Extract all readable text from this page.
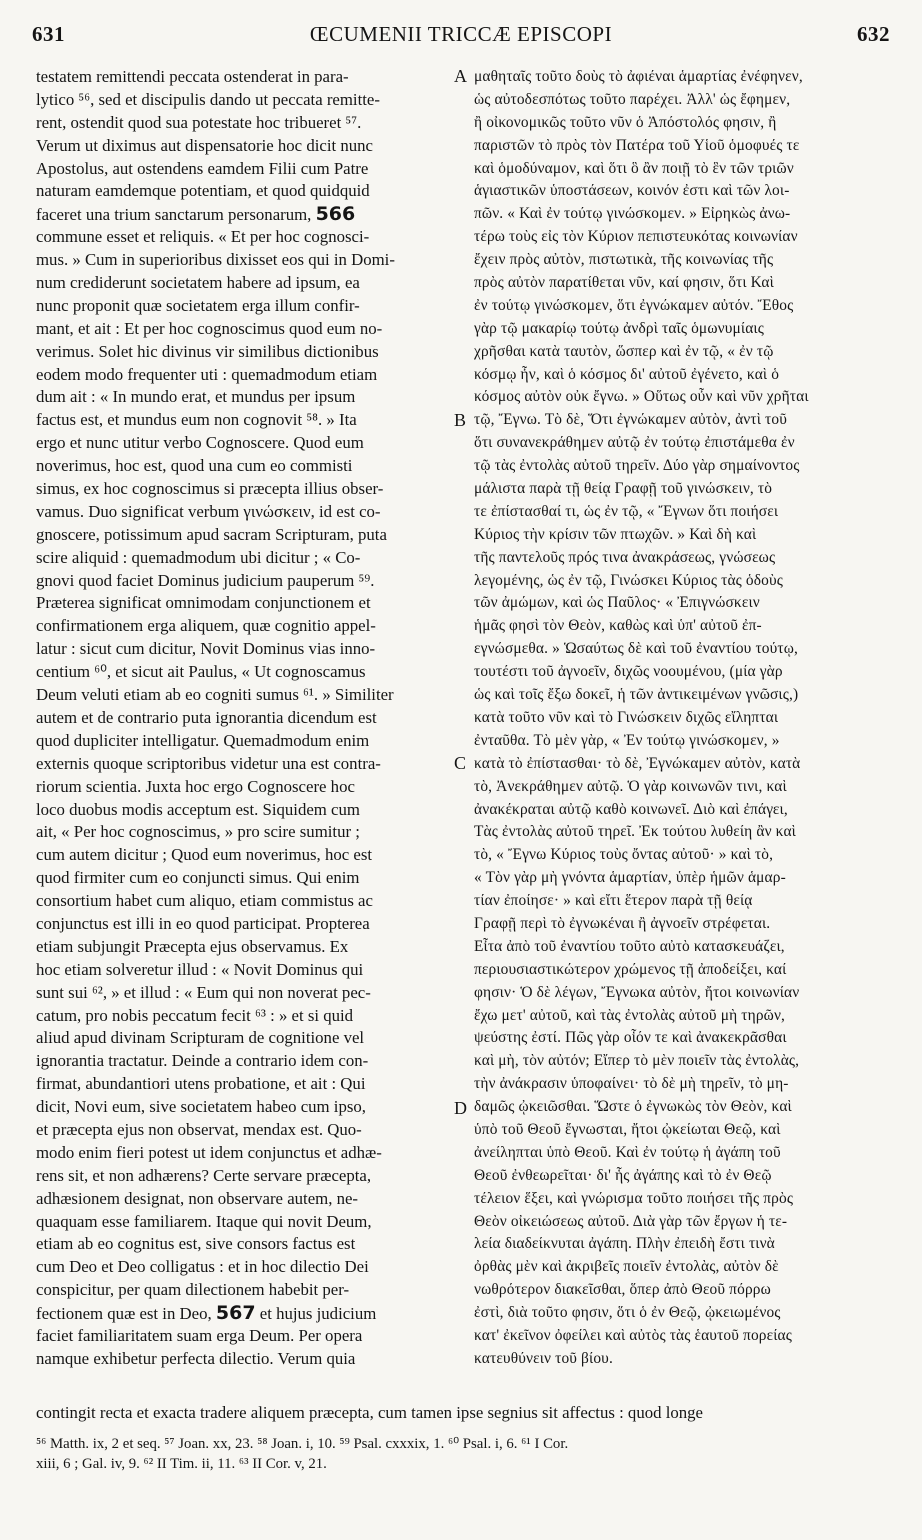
631	ŒCUMENII TRICCÆ EPISCOPI	632
testatem remittendi peccata ostenderat in para-
lytico ⁵⁶, sed et discipulis dando ut peccata remitte-
rent, ostendit quod sua potestate hoc tribueret ⁵⁷.
Verum ut diximus aut dispensatorie hoc dicit nunc
Apostolus, aut ostendens eamdem Filii cum Patre
naturam eamdemque potentiam, et quod quidquid
faceret una trium sanctarum personarum, 566
commune esset et reliquis. « Et per hoc cognosci-
mus. » Cum in superioribus dixisset eos qui in Domi-
num crediderunt societatem habere ad ipsum, ea
nunc proponit quæ societatem erga illum confir-
mant, et ait : Et per hoc cognoscimus quod eum no-
verimus. Solet hic divinus vir similibus dictionibus
eodem modo frequenter uti : quemadmodum etiam
dum ait : « In mundo erat, et mundus per ipsum
factus est, et mundus eum non cognovit ⁵⁸. » Ita
ergo et nunc utitur verbo Cognoscere. Quod eum
noverimus, hoc est, quod una cum eo commisti
simus, ex hoc cognoscimus si præcepta illius obser-
vamus. Duo significat verbum γινώσκειν, id est co-
gnoscere, potissimum apud sacram Scripturam, puta
scire aliquid : quemadmodum ubi dicitur ; « Co-
gnovi quod faciet Dominus judicium pauperum ⁵⁹.
Præterea significat omnimodam conjunctionem et
confirmationem erga aliquem, quæ cognitio appel-
latur : sicut cum dicitur, Novit Dominus vias inno-
centium ⁶⁰, et sicut ait Paulus, « Ut cognoscamus
Deum veluti etiam ab eo cogniti sumus ⁶¹. » Similiter
autem et de contrario puta ignorantia dicendum est
quod dupliciter intelligatur. Quemadmodum enim
externis quoque scriptoribus videtur una est contra-
riorum scientia. Juxta hoc ergo Cognoscere hoc
loco duobus modis acceptum est. Siquidem cum
ait, « Per hoc cognoscimus, » pro scire sumitur ;
cum autem dicitur ; Quod eum noverimus, hoc est
quod firmiter cum eo conjuncti simus. Qui enim
consortium habet cum aliquo, etiam commistus ac
conjunctus est illi in eo quod participat. Propterea
etiam subjungit Præcepta ejus observamus. Ex
hoc etiam solveretur illud : « Novit Dominus qui
sunt sui ⁶², » et illud : « Eum qui non noverat pec-
catum, pro nobis peccatum fecit ⁶³ : » et si quid
aliud apud divinam Scripturam de cognitione vel
ignorantia tractatur. Deinde a contrario idem con-
firmat, abundantiori utens probatione, et ait : Qui
dicit, Novi eum, sive societatem habeo cum ipso,
et præcepta ejus non observat, mendax est. Quo-
modo enim fieri potest ut idem conjunctus et adhæ-
rens sit, et non adhærens? Certe servare præcepta,
adhæsionem designat, non observare autem, ne-
quaquam esse familiarem. Itaque qui novit Deum,
etiam ab eo cognitus est, sive consors factus est
cum Deo et Deo colligatus : et in hoc dilectio Dei
conspicitur, per quam dilectionem habebit per-
fectionem quæ est in Deo, 567 et hujus judicium
faciet familiaritatem suam erga Deum. Per opera
namque exhibetur perfecta dilectio. Verum quia
μαθηταῖς τοῦτο δοὺς τὸ ἀφιέναι ἁμαρτίας ἐνέφηνεν,
ὡς αὐτοδεσπότως τοῦτο παρέχει. Ἀλλ' ὡς ἔφημεν,
ἢ οἰκονομικῶς τοῦτο νῦν ὁ Ἀπόστολός φησιν, ἢ
παριστῶν τὸ πρὸς τὸν Πατέρα τοῦ Υἱοῦ ὁμοφυές τε
καὶ ὁμοδύναμον, καὶ ὅτι ὃ ἂν ποιῇ τὸ ἓν τῶν τριῶν
ἁγιαστικῶν ὑποστάσεων, κοινόν ἐστι καὶ τῶν λοι-
πῶν. « Καὶ ἐν τούτῳ γινώσκομεν. » Εἰρηκὼς ἀνω-
τέρω τοὺς εἰς τὸν Κύριον πεπιστευκότας κοινωνίαν
ἔχειν πρὸς αὐτὸν, πιστωτικὰ, τῆς κοινωνίας τῆς
πρὸς αὐτὸν παρατίθεται νῦν, καί φησιν, ὅτι Καὶ
ἐν τούτῳ γινώσκομεν, ὅτι ἐγνώκαμεν αὐτόν. Ἔθος
γὰρ τῷ μακαρίῳ τούτῳ ἀνδρὶ ταῖς ὁμωνυμίαις
χρῆσθαι κατὰ ταυτὸν, ὥσπερ καὶ ἐν τῷ, « ἐν τῷ
κόσμῳ ἦν, καὶ ὁ κόσμος δι' αὐτοῦ ἐγένετο, καὶ ὁ
κόσμος αὐτὸν οὐκ ἔγνω. » Οὕτως οὖν καὶ νῦν χρῆται
τῷ, Ἔγνω. Τὸ δὲ, Ὅτι ἐγνώκαμεν αὐτὸν, ἀντὶ τοῦ
ὅτι συνανεκράθημεν αὐτῷ ἐν τούτῳ ἐπιστάμεθα ἐν
τῷ τὰς ἐντολὰς αὐτοῦ τηρεῖν. Δύο γὰρ σημαίνοντος
μάλιστα παρὰ τῇ θείᾳ Γραφῇ τοῦ γινώσκειν, τὸ
τε ἐπίστασθαί τι, ὡς ἐν τῷ, « Ἔγνων ὅτι ποιήσει
Κύριος τὴν κρίσιν τῶν πτωχῶν. » Καὶ δὴ καὶ
τῆς παντελοῦς πρός τινα ἀνακράσεως, γνώσεως
λεγομένης, ὡς ἐν τῷ, Γινώσκει Κύριος τὰς ὁδοὺς
τῶν ἀμώμων, καὶ ὡς Παῦλος· « Ἐπιγνώσκειν
ἡμᾶς φησὶ τὸν Θεὸν, καθὼς καὶ ὑπ' αὐτοῦ ἐπ-
εγνώσμεθα. » Ὡσαύτως δὲ καὶ τοῦ ἐναντίου τούτῳ,
τουτέστι τοῦ ἀγνοεῖν, διχῶς νοουμένου, (μία γὰρ
ὡς καὶ τοῖς ἔξω δοκεῖ, ἡ τῶν ἀντικειμένων γνῶσις,)
κατὰ τοῦτο νῦν καὶ τὸ Γινώσκειν διχῶς εἴληπται
ἐνταῦθα. Τὸ μὲν γὰρ, « Ἐν τούτῳ γινώσκομεν, »
κατὰ τὸ ἐπίστασθαι· τὸ δὲ, Ἐγνώκαμεν αὐτὸν, κατὰ
τὸ, Ἀνεκράθημεν αὐτῷ. Ὁ γὰρ κοινωνῶν τινι, καὶ
ἀνακέκραται αὐτῷ καθὸ κοινωνεῖ. Διὸ καὶ ἐπάγει,
Τὰς ἐντολὰς αὐτοῦ τηρεῖ. Ἐκ τούτου λυθείη ἂν καὶ
τὸ, « Ἔγνω Κύριος τοὺς ὄντας αὐτοῦ· » καὶ τὸ,
« Τὸν γὰρ μὴ γνόντα ἁμαρτίαν, ὑπὲρ ἡμῶν ἁμαρ-
τίαν ἐποίησε· » καὶ εἴτι ἕτερον παρὰ τῇ θείᾳ
Γραφῇ περὶ τὸ ἐγνωκέναι ἢ ἀγνοεῖν στρέφεται.
Εἶτα ἀπὸ τοῦ ἐναντίου τοῦτο αὐτὸ κατασκευάζει,
περιουσιαστικώτερον χρώμενος τῇ ἀποδείξει, καί
φησιν· Ὁ δὲ λέγων, Ἔγνωκα αὐτὸν, ἤτοι κοινωνίαν
ἔχω μετ' αὐτοῦ, καὶ τὰς ἐντολὰς αὐτοῦ μὴ τηρῶν,
ψεύστης ἐστί. Πῶς γὰρ οἷόν τε καὶ ἀνακεκρᾶσθαι
καὶ μὴ, τὸν αὐτόν; Εἴπερ τὸ μὲν ποιεῖν τὰς ἐντολὰς,
τὴν ἀνάκρασιν ὑποφαίνει· τὸ δὲ μὴ τηρεῖν, τὸ μη-
δαμῶς ᾠκειῶσθαι. Ὥστε ὁ ἐγνωκὼς τὸν Θεὸν, καὶ
ὑπὸ τοῦ Θεοῦ ἔγνωσται, ἤτοι ᾠκείωται Θεῷ, καὶ
ἀνείληπται ὑπὸ Θεοῦ. Καὶ ἐν τούτῳ ἡ ἀγάπη τοῦ
Θεοῦ ἐνθεωρεῖται· δι' ἧς ἀγάπης καὶ τὸ ἐν Θεῷ
τέλειον ἕξει, καὶ γνώρισμα τοῦτο ποιήσει τῆς πρὸς
Θεὸν οἰκειώσεως αὐτοῦ. Διὰ γὰρ τῶν ἔργων ἡ τε-
λεία διαδείκνυται ἀγάπη. Πλὴν ἐπειδὴ ἔστι τινὰ
ὀρθὰς μὲν καὶ ἀκριβεῖς ποιεῖν ἐντολὰς, αὐτὸν δὲ
νωθρότερον διακεῖσθαι, ὅπερ ἀπὸ Θεοῦ πόρρω
ἐστὶ, διὰ τοῦτο φησιν, ὅτι ὁ ἐν Θεῷ, ᾠκειωμένος
κατ' ἐκεῖνον ὀφείλει καὶ αὐτὸς τὰς ἑαυτοῦ πορείας
κατευθύνειν τοῦ βίου.
A
B
C
D
contingit recta et exacta tradere aliquem præcepta, cum tamen ipse segnius sit affectus : quod longe
⁵⁶ Matth. ix, 2 et seq. ⁵⁷ Joan. xx, 23. ⁵⁸ Joan. i, 10. ⁵⁹ Psal. cxxxix, 1. ⁶⁰ Psal. i, 6. ⁶¹ I Cor.
xiii, 6 ; Gal. iv, 9. ⁶² II Tim. ii, 11. ⁶³ II Cor. v, 21.
